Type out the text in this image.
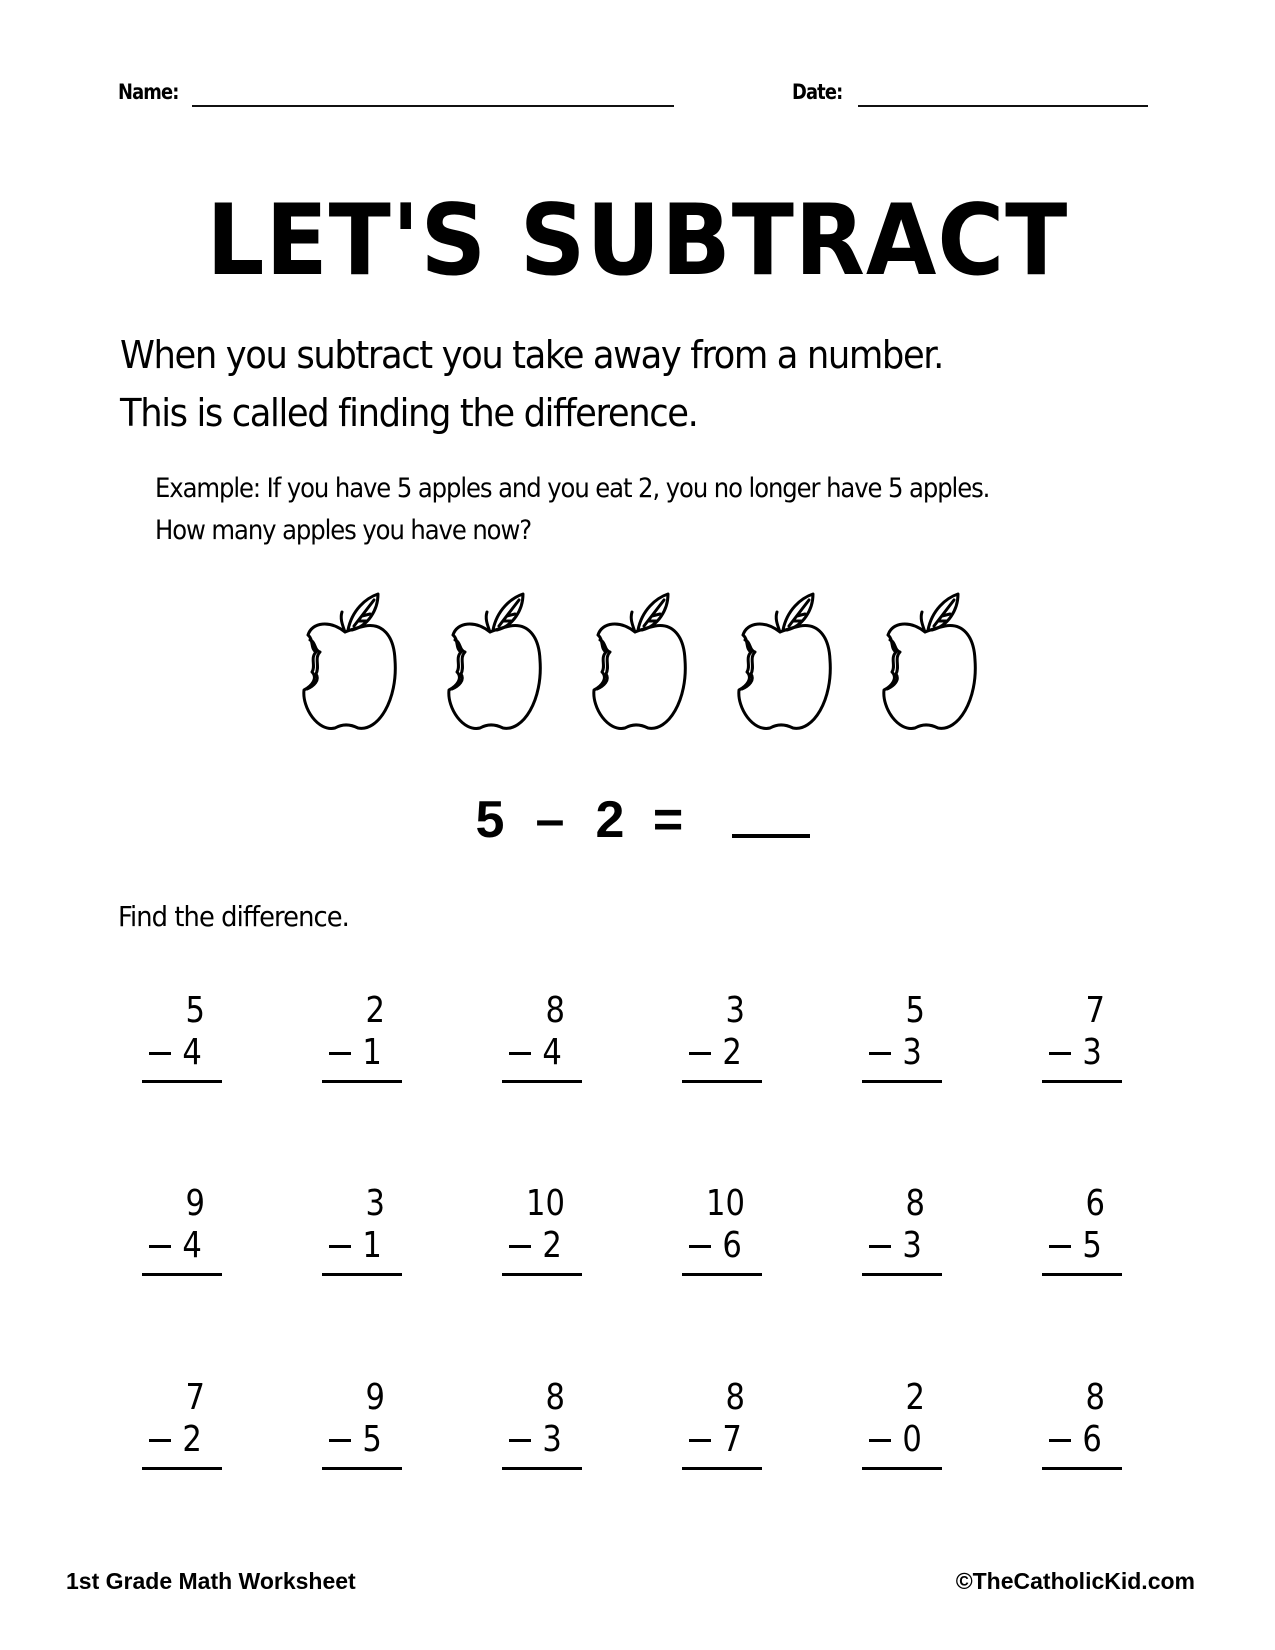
Name:	Date:
LET'S SUBTRACT
When you subtract you take away from a number.
This is called finding the difference.
Example: If you have 5 apples and you eat 2, you no longer have 5 apples.
How many apples you have now?
5 – 2 =
Find the difference.
5
4
2
1
8
4
3
2
5
3
7
3
9
4
3
1
10
2
10
6
8
3
6
5
7
2
9
5
8
3
8
7
2
0
8
6
1st Grade Math Worksheet	©TheCatholicKid.com
